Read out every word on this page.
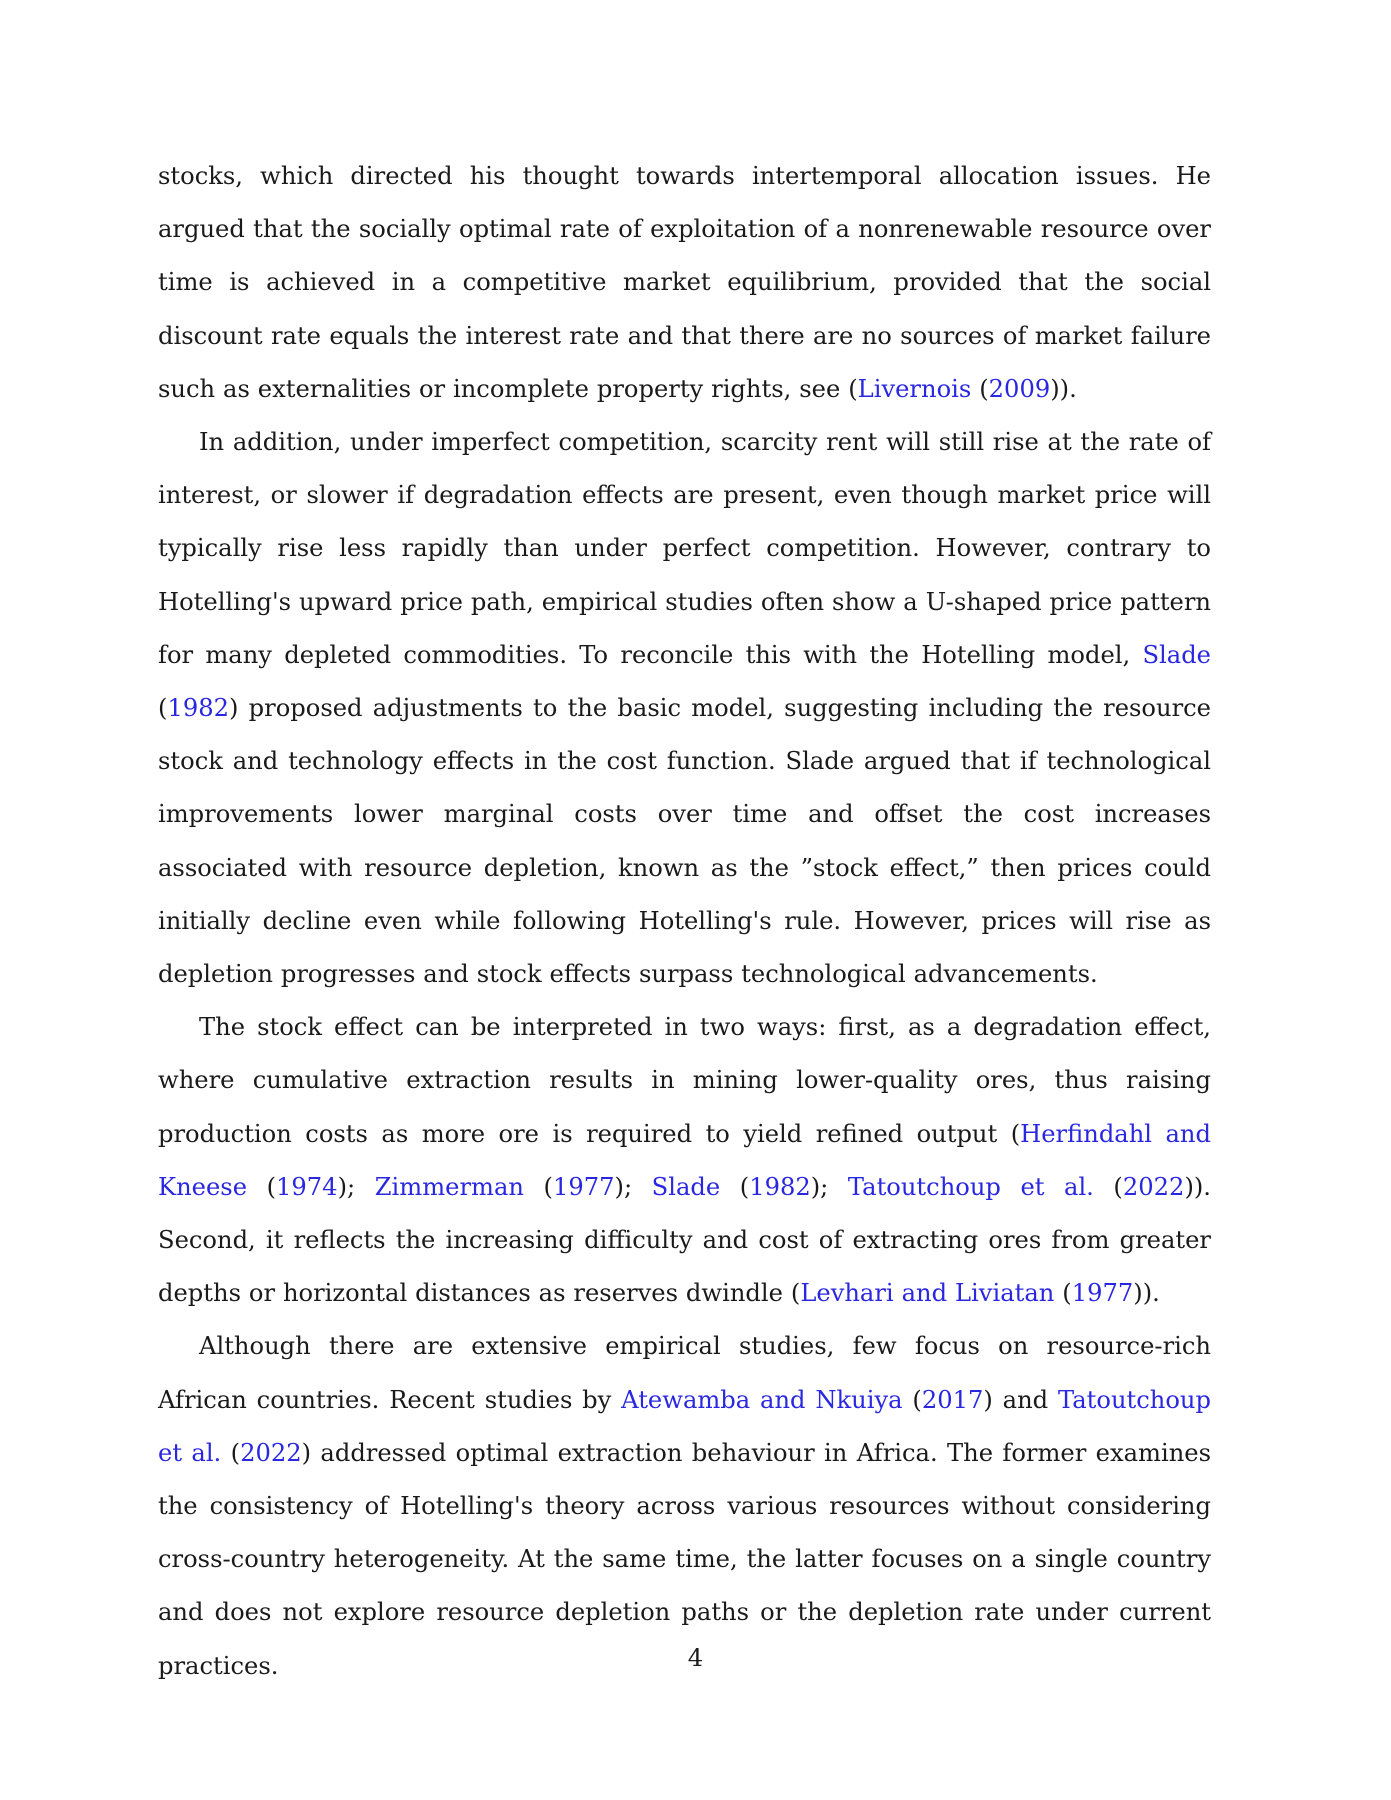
stocks, which directed his thought towards intertemporal allocation issues. He argued that the socially optimal rate of exploitation of a nonrenewable resource over time is achieved in a competitive market equilibrium, provided that the social discount rate equals the interest rate and that there are no sources of market failure such as externalities or incomplete property rights, see (Livernois (2009)).

In addition, under imperfect competition, scarcity rent will still rise at the rate of interest, or slower if degradation effects are present, even though market price will typically rise less rapidly than under perfect competition. However, contrary to Hotelling's upward price path, empirical studies often show a U-shaped price pattern for many depleted commodities. To reconcile this with the Hotelling model, Slade (1982) proposed adjustments to the basic model, suggesting including the resource stock and technology effects in the cost function. Slade argued that if technological improvements lower marginal costs over time and offset the cost increases associated with resource depletion, known as the ”stock effect,” then prices could initially decline even while following Hotelling's rule. However, prices will rise as depletion progresses and stock effects surpass technological advancements.

The stock effect can be interpreted in two ways: first, as a degradation effect, where cumulative extraction results in mining lower-quality ores, thus raising production costs as more ore is required to yield refined output (Herfindahl and Kneese (1974); Zimmerman (1977); Slade (1982); Tatoutchoup et al. (2022)). Second, it reflects the increasing difficulty and cost of extracting ores from greater depths or horizontal distances as reserves dwindle (Levhari and Liviatan (1977)).

Although there are extensive empirical studies, few focus on resource-rich African countries. Recent studies by Atewamba and Nkuiya (2017) and Tatoutchoup et al. (2022) addressed optimal extraction behaviour in Africa. The former examines the consistency of Hotelling's theory across various resources without considering cross-country heterogeneity. At the same time, the latter focuses on a single country and does not explore resource depletion paths or the depletion rate under current practices.	4
